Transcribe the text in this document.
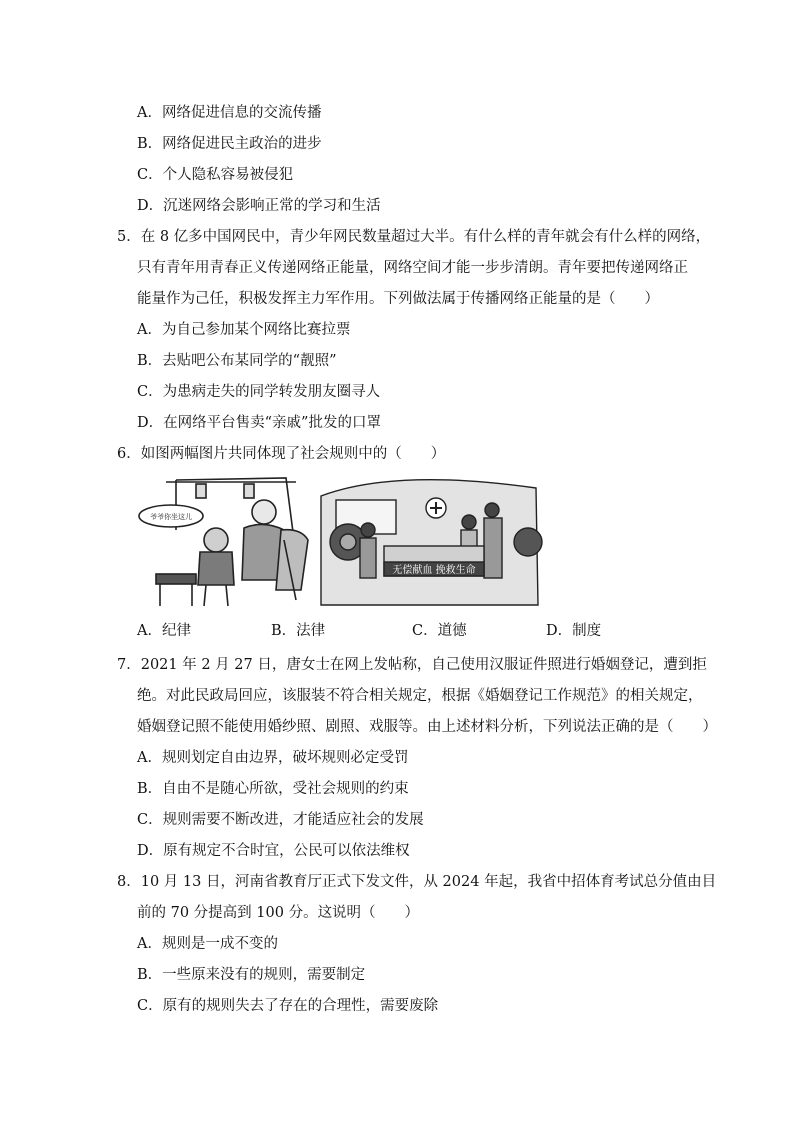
A．网络促进信息的交流传播
B．网络促进民主政治的进步
C．个人隐私容易被侵犯
D．沉迷网络会影响正常的学习和生活
5．在 8 亿多中国网民中，青少年网民数量超过大半。有什么样的青年就会有什么样的网络，
只有青年用青春正义传递网络正能量，网络空间才能一步步清朗。青年要把传递网络正
能量作为己任，积极发挥主力军作用。下列做法属于传播网络正能量的是（　　）
A．为自己参加某个网络比赛拉票
B．去贴吧公布某同学的“靓照”
C．为患病走失的同学转发朋友圈寻人
D．在网络平台售卖“亲戚”批发的口罩
6．如图两幅图片共同体现了社会规则中的（　　）
爷爷你坐这儿
无偿献血 挽救生命
A．纪律	B．法律	C．道德	D．制度
7．2021 年 2 月 27 日，唐女士在网上发帖称，自己使用汉服证件照进行婚姻登记，遭到拒
绝。对此民政局回应，该服装不符合相关规定，根据《婚姻登记工作规范》的相关规定，
婚姻登记照不能使用婚纱照、剧照、戏服等。由上述材料分析，下列说法正确的是（　　）
A．规则划定自由边界，破坏规则必定受罚
B．自由不是随心所欲，受社会规则的约束
C．规则需要不断改进，才能适应社会的发展
D．原有规定不合时宜，公民可以依法维权
8．10 月 13 日，河南省教育厅正式下发文件，从 2024 年起，我省中招体育考试总分值由目
前的 70 分提高到 100 分。这说明（　　）
A．规则是一成不变的
B．一些原来没有的规则，需要制定
C．原有的规则失去了存在的合理性，需要废除
